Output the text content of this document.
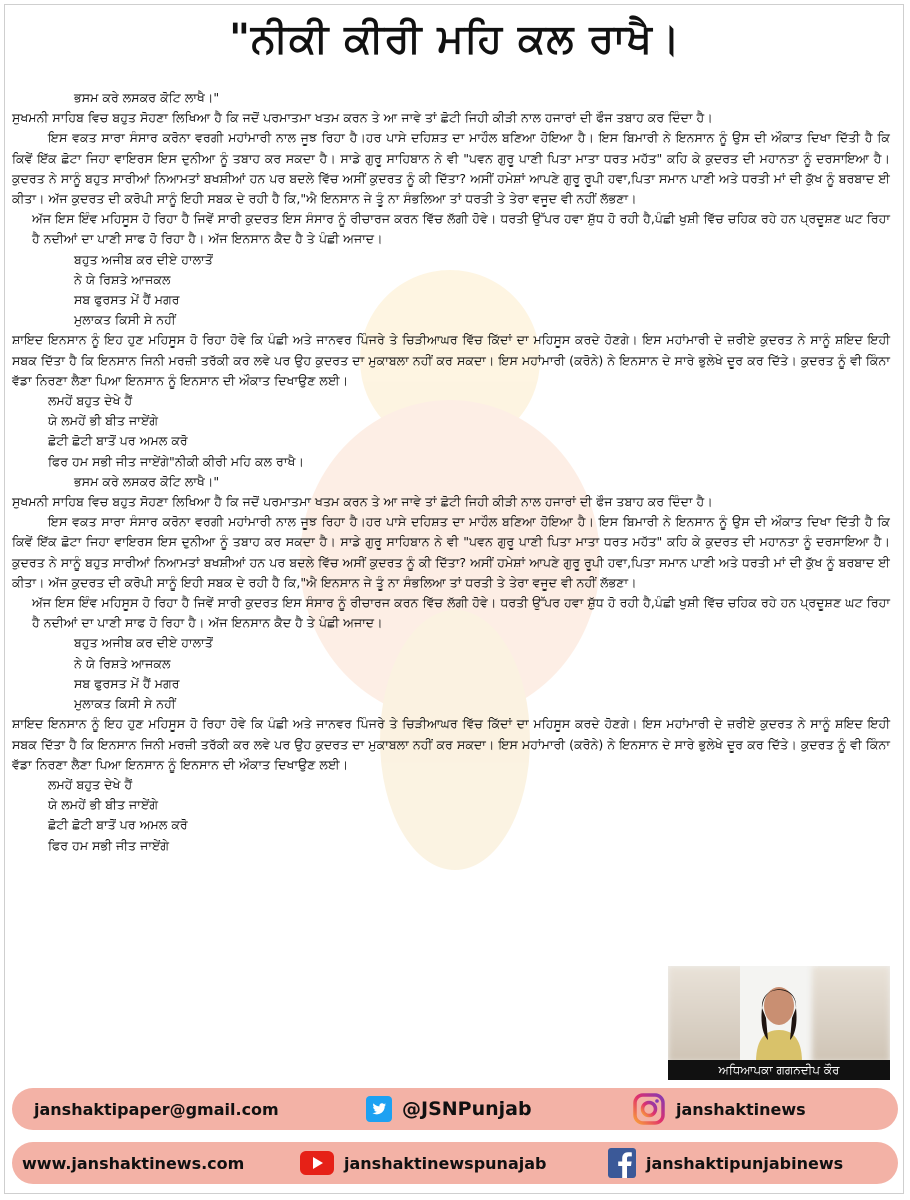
"ਨੀਕੀ ਕੀਰੀ ਮਹਿ ਕਲ ਰਾਖੈ।

ਭਸਮ ਕਰੇ ਲਸਕਰ ਕੋਟਿ ਲਾਖੈ।"

ਸੁਖਮਨੀ ਸਾਹਿਬ ਵਿਚ ਬਹੁਤ ਸੋਹਣਾ ਲਿਖਿਆ ਹੈ ਕਿ ਜਦੋਂ ਪਰਮਾਤਮਾ ਖਤਮ ਕਰਨ ਤੇ ਆ ਜਾਵੇ ਤਾਂ ਛੋਟੀ ਜਿਹੀ ਕੀੜੀ ਨਾਲ ਹਜਾਰਾਂ ਦੀ ਫੌਜ ਤਬਾਹ ਕਰ ਦਿੰਦਾ ਹੈ।

ਇਸ ਵਕਤ ਸਾਰਾ ਸੰਸਾਰ ਕਰੋਨਾ ਵਰਗੀ ਮਹਾਂਮਾਰੀ ਨਾਲ ਜੂਝ ਰਿਹਾ ਹੈ।ਹਰ ਪਾਸੇ ਦਹਿਸ਼ਤ ਦਾ ਮਾਹੌਲ ਬਣਿਆ ਹੋਇਆ ਹੈ। ਇਸ ਬਿਮਾਰੀ ਨੇ ਇਨਸਾਨ ਨੂੰ ਉਸ ਦੀ ਔਕਾਤ ਦਿਖਾ ਦਿੱਤੀ ਹੈ ਕਿ ਕਿਵੇਂ ਇੱਕ ਛੋਟਾ ਜਿਹਾ ਵਾਇਰਸ ਇਸ ਦੁਨੀਆ ਨੂੰ ਤਬਾਹ ਕਰ ਸਕਦਾ ਹੈ। ਸਾਡੇ ਗੁਰੂ ਸਾਹਿਬਾਨ ਨੇ ਵੀ "ਪਵਨ ਗੁਰੂ ਪਾਣੀ ਪਿਤਾ ਮਾਤਾ ਧਰਤ ਮਹੱਤ" ਕਹਿ ਕੇ ਕੁਦਰਤ ਦੀ ਮਹਾਨਤਾ ਨੂੰ ਦਰਸਾਇਆ ਹੈ। ਕੁਦਰਤ ਨੇ ਸਾਨੂੰ ਬਹੁਤ ਸਾਰੀਆਂ ਨਿਆਮਤਾਂ ਬਖਸ਼ੀਆਂ ਹਨ ਪਰ ਬਦਲੇ ਵਿੱਚ ਅਸੀਂ ਕੁਦਰਤ ਨੂੰ ਕੀ ਦਿੱਤਾ? ਅਸੀਂ ਹਮੇਸ਼ਾਂ ਆਪਣੇ ਗੁਰੂ ਰੂਪੀ ਹਵਾ,ਪਿਤਾ ਸਮਾਨ ਪਾਣੀ ਅਤੇ ਧਰਤੀ ਮਾਂ ਦੀ ਕੁੱਖ ਨੂੰ ਬਰਬਾਦ ਈ ਕੀਤਾ। ਅੱਜ ਕੁਦਰਤ ਦੀ ਕਰੋਪੀ ਸਾਨੂੰ ਇਹੀ ਸਬਕ ਦੇ ਰਹੀ ਹੈ ਕਿ,"ਐ ਇਨਸਾਨ ਜੇ ਤੂੰ ਨਾ ਸੰਭਲਿਆ ਤਾਂ ਧਰਤੀ ਤੇ ਤੇਰਾ ਵਜੂਦ ਵੀ ਨਹੀਂ ਲੱਭਣਾ।

ਅੱਜ ਇਸ ਇੰਵ ਮਹਿਸੂਸ ਹੋ ਰਿਹਾ ਹੈ ਜਿਵੇਂ ਸਾਰੀ ਕੁਦਰਤ ਇਸ ਸੰਸਾਰ ਨੂੰ ਰੀਚਾਰਜ ਕਰਨ ਵਿੱਚ ਲੱਗੀ ਹੋਵੇ। ਧਰਤੀ ਉੱਪਰ ਹਵਾ ਸ਼ੁੱਧ ਹੋ ਰਹੀ ਹੈ,ਪੰਛੀ ਖੁਸ਼ੀ ਵਿੱਚ ਚਹਿਕ ਰਹੇ ਹਨ ਪ੍ਰਦੂਸ਼ਣ ਘਟ ਰਿਹਾ ਹੈ ਨਦੀਆਂ ਦਾ ਪਾਣੀ ਸਾਫ ਹੋ ਰਿਹਾ ਹੈ। ਅੱਜ ਇਨਸਾਨ ਕੈਦ ਹੈ ਤੇ ਪੰਛੀ ਅਜਾਦ।

ਬਹੁਤ ਅਜੀਬ ਕਰ ਦੀਏ ਹਾਲਾਤੋਂ

ਨੇ ਯੇ ਰਿਸ਼ਤੇ ਆਜਕਲ

ਸਬ ਫੁਰਸਤ ਮੇਂ ਹੈਂ ਮਗਰ

ਮੁਲਾਕਤ ਕਿਸੀ ਸੇ ਨਹੀਂ

ਸ਼ਾਇਦ ਇਨਸਾਨ ਨੂੰ ਇਹ ਹੁਣ ਮਹਿਸੂਸ ਹੋ ਰਿਹਾ ਹੋਵੇ ਕਿ ਪੰਛੀ ਅਤੇ ਜਾਨਵਰ ਪਿੰਜਰੇ ਤੇ ਚਿੜੀਆਘਰ ਵਿੱਚ ਕਿੱਦਾਂ ਦਾ ਮਹਿਸੂਸ ਕਰਦੇ ਹੋਣਗੇ। ਇਸ ਮਹਾਂਮਾਰੀ ਦੇ ਜ਼ਰੀਏ ਕੁਦਰਤ ਨੇ ਸਾਨੂੰ ਸ਼ਇਦ ਇਹੀ ਸਬਕ ਦਿੱਤਾ ਹੈ ਕਿ ਇਨਸਾਨ ਜਿਨੀ ਮਰਜ਼ੀ ਤਰੱਕੀ ਕਰ ਲਵੇ ਪਰ ਉਹ ਕੁਦਰਤ ਦਾ ਮੁਕਾਬਲਾ ਨਹੀਂ ਕਰ ਸਕਦਾ। ਇਸ ਮਹਾਂਮਾਰੀ (ਕਰੋਨੇ) ਨੇ ਇਨਸਾਨ ਦੇ ਸਾਰੇ ਭੁਲੇਖੇ ਦੂਰ ਕਰ ਦਿੱਤੇ। ਕੁਦਰਤ ਨੂੰ ਵੀ ਕਿੰਨਾ ਵੱਡਾ ਨਿਰਣਾ ਲੈਣਾ ਪਿਆ ਇਨਸਾਨ ਨੂੰ ਇਨਸਾਨ ਦੀ ਔਕਾਤ ਦਿਖਾਉਣ ਲਈ।

ਲਮਹੇਂ ਬਹੁਤ ਦੇਖੇ ਹੈਂ

ਯੇ ਲਮਹੇਂ ਭੀ ਬੀਤ ਜਾਏਂਗੇ

ਛੋਟੀ ਛੋਟੀ ਬਾਤੋਂ ਪਰ ਅਮਲ ਕਰੋ

ਫਿਰ ਹਮ ਸਭੀ ਜੀਤ ਜਾਏਂਗੇ"ਨੀਕੀ ਕੀਰੀ ਮਹਿ ਕਲ ਰਾਖੈ।

ਭਸਮ ਕਰੇ ਲਸਕਰ ਕੋਟਿ ਲਾਖੈ।"

ਸੁਖਮਨੀ ਸਾਹਿਬ ਵਿਚ ਬਹੁਤ ਸੋਹਣਾ ਲਿਖਿਆ ਹੈ ਕਿ ਜਦੋਂ ਪਰਮਾਤਮਾ ਖਤਮ ਕਰਨ ਤੇ ਆ ਜਾਵੇ ਤਾਂ ਛੋਟੀ ਜਿਹੀ ਕੀੜੀ ਨਾਲ ਹਜਾਰਾਂ ਦੀ ਫੌਜ ਤਬਾਹ ਕਰ ਦਿੰਦਾ ਹੈ।

ਇਸ ਵਕਤ ਸਾਰਾ ਸੰਸਾਰ ਕਰੋਨਾ ਵਰਗੀ ਮਹਾਂਮਾਰੀ ਨਾਲ ਜੂਝ ਰਿਹਾ ਹੈ।ਹਰ ਪਾਸੇ ਦਹਿਸ਼ਤ ਦਾ ਮਾਹੌਲ ਬਣਿਆ ਹੋਇਆ ਹੈ। ਇਸ ਬਿਮਾਰੀ ਨੇ ਇਨਸਾਨ ਨੂੰ ਉਸ ਦੀ ਔਕਾਤ ਦਿਖਾ ਦਿੱਤੀ ਹੈ ਕਿ ਕਿਵੇਂ ਇੱਕ ਛੋਟਾ ਜਿਹਾ ਵਾਇਰਸ ਇਸ ਦੁਨੀਆ ਨੂੰ ਤਬਾਹ ਕਰ ਸਕਦਾ ਹੈ। ਸਾਡੇ ਗੁਰੂ ਸਾਹਿਬਾਨ ਨੇ ਵੀ "ਪਵਨ ਗੁਰੂ ਪਾਣੀ ਪਿਤਾ ਮਾਤਾ ਧਰਤ ਮਹੱਤ" ਕਹਿ ਕੇ ਕੁਦਰਤ ਦੀ ਮਹਾਨਤਾ ਨੂੰ ਦਰਸਾਇਆ ਹੈ। ਕੁਦਰਤ ਨੇ ਸਾਨੂੰ ਬਹੁਤ ਸਾਰੀਆਂ ਨਿਆਮਤਾਂ ਬਖਸ਼ੀਆਂ ਹਨ ਪਰ ਬਦਲੇ ਵਿੱਚ ਅਸੀਂ ਕੁਦਰਤ ਨੂੰ ਕੀ ਦਿੱਤਾ? ਅਸੀਂ ਹਮੇਸ਼ਾਂ ਆਪਣੇ ਗੁਰੂ ਰੂਪੀ ਹਵਾ,ਪਿਤਾ ਸਮਾਨ ਪਾਣੀ ਅਤੇ ਧਰਤੀ ਮਾਂ ਦੀ ਕੁੱਖ ਨੂੰ ਬਰਬਾਦ ਈ ਕੀਤਾ। ਅੱਜ ਕੁਦਰਤ ਦੀ ਕਰੋਪੀ ਸਾਨੂੰ ਇਹੀ ਸਬਕ ਦੇ ਰਹੀ ਹੈ ਕਿ,"ਐ ਇਨਸਾਨ ਜੇ ਤੂੰ ਨਾ ਸੰਭਲਿਆ ਤਾਂ ਧਰਤੀ ਤੇ ਤੇਰਾ ਵਜੂਦ ਵੀ ਨਹੀਂ ਲੱਭਣਾ।

ਅੱਜ ਇਸ ਇੰਵ ਮਹਿਸੂਸ ਹੋ ਰਿਹਾ ਹੈ ਜਿਵੇਂ ਸਾਰੀ ਕੁਦਰਤ ਇਸ ਸੰਸਾਰ ਨੂੰ ਰੀਚਾਰਜ ਕਰਨ ਵਿੱਚ ਲੱਗੀ ਹੋਵੇ। ਧਰਤੀ ਉੱਪਰ ਹਵਾ ਸ਼ੁੱਧ ਹੋ ਰਹੀ ਹੈ,ਪੰਛੀ ਖੁਸ਼ੀ ਵਿੱਚ ਚਹਿਕ ਰਹੇ ਹਨ ਪ੍ਰਦੂਸ਼ਣ ਘਟ ਰਿਹਾ ਹੈ ਨਦੀਆਂ ਦਾ ਪਾਣੀ ਸਾਫ ਹੋ ਰਿਹਾ ਹੈ। ਅੱਜ ਇਨਸਾਨ ਕੈਦ ਹੈ ਤੇ ਪੰਛੀ ਅਜਾਦ।

ਬਹੁਤ ਅਜੀਬ ਕਰ ਦੀਏ ਹਾਲਾਤੋਂ

ਨੇ ਯੇ ਰਿਸ਼ਤੇ ਆਜਕਲ

ਸਬ ਫੁਰਸਤ ਮੇਂ ਹੈਂ ਮਗਰ

ਮੁਲਾਕਤ ਕਿਸੀ ਸੇ ਨਹੀਂ

ਸ਼ਾਇਦ ਇਨਸਾਨ ਨੂੰ ਇਹ ਹੁਣ ਮਹਿਸੂਸ ਹੋ ਰਿਹਾ ਹੋਵੇ ਕਿ ਪੰਛੀ ਅਤੇ ਜਾਨਵਰ ਪਿੰਜਰੇ ਤੇ ਚਿੜੀਆਘਰ ਵਿੱਚ ਕਿੱਦਾਂ ਦਾ ਮਹਿਸੂਸ ਕਰਦੇ ਹੋਣਗੇ। ਇਸ ਮਹਾਂਮਾਰੀ ਦੇ ਜ਼ਰੀਏ ਕੁਦਰਤ ਨੇ ਸਾਨੂੰ ਸ਼ਇਦ ਇਹੀ ਸਬਕ ਦਿੱਤਾ ਹੈ ਕਿ ਇਨਸਾਨ ਜਿਨੀ ਮਰਜ਼ੀ ਤਰੱਕੀ ਕਰ ਲਵੇ ਪਰ ਉਹ ਕੁਦਰਤ ਦਾ ਮੁਕਾਬਲਾ ਨਹੀਂ ਕਰ ਸਕਦਾ। ਇਸ ਮਹਾਂਮਾਰੀ (ਕਰੋਨੇ) ਨੇ ਇਨਸਾਨ ਦੇ ਸਾਰੇ ਭੁਲੇਖੇ ਦੂਰ ਕਰ ਦਿੱਤੇ। ਕੁਦਰਤ ਨੂੰ ਵੀ ਕਿੰਨਾ ਵੱਡਾ ਨਿਰਣਾ ਲੈਣਾ ਪਿਆ ਇਨਸਾਨ ਨੂੰ ਇਨਸਾਨ ਦੀ ਔਕਾਤ ਦਿਖਾਉਣ ਲਈ।

ਲਮਹੇਂ ਬਹੁਤ ਦੇਖੇ ਹੈਂ

ਯੇ ਲਮਹੇਂ ਭੀ ਬੀਤ ਜਾਏਂਗੇ

ਛੋਟੀ ਛੋਟੀ ਬਾਤੋਂ ਪਰ ਅਮਲ ਕਰੋ

ਫਿਰ ਹਮ ਸਭੀ ਜੀਤ ਜਾਏਂਗੇ

ਅਧਿਆਪਕਾ ਗਗਨਦੀਪ ਕੌਰ
janshaktipaper@gmail.com	@JSNPunjab	janshaktinews
www.janshaktinews.com	janshaktinewspunajab	janshaktipunjabinews
